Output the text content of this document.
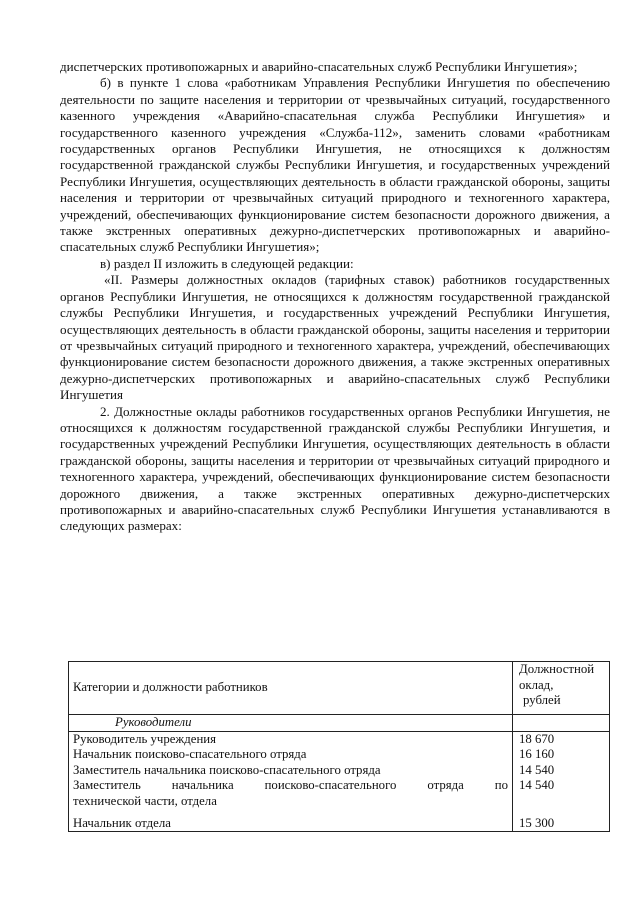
диспетчерских противопожарных и аварийно-спасательных служб Республики Ингушетия»;

б) в пункте 1 слова «работникам Управления Республики Ингушетия по обеспечению деятельности по защите населения и территории от чрезвычайных ситуаций, государственного казенного учреждения «Аварийно-спасательная служба Республики Ингушетия» и государственного казенного учреждения «Служба-112», заменить словами «работникам государственных органов Республики Ингушетия, не относящихся к должностям государственной гражданской службы Республики Ингушетия, и государственных учреждений Республики Ингушетия, осуществляющих деятельность в области гражданской обороны, защиты населения и территории от чрезвычайных ситуаций природного и техногенного характера, учреждений, обеспечивающих функционирование систем безопасности дорожного движения, а также экстренных оперативных дежурно-диспетчерских противопожарных и аварийно-спасательных служб Республики Ингушетия»;

в) раздел II изложить в следующей редакции:

«II. Размеры должностных окладов (тарифных ставок) работников государственных органов Республики Ингушетия, не относящихся к должностям государственной гражданской службы Республики Ингушетия, и государственных учреждений Республики Ингушетия, осуществляющих деятельность в области гражданской обороны, защиты населения и территории от чрезвычайных ситуаций природного и техногенного характера, учреждений, обеспечивающих функционирование систем безопасности дорожного движения, а также экстренных оперативных дежурно-диспетчерских противопожарных и аварийно-спасательных служб Республики Ингушетия

2. Должностные оклады работников государственных органов Республики Ингушетия, не относящихся к должностям государственной гражданской службы Республики Ингушетия, и государственных учреждений Республики Ингушетия, осуществляющих деятельность в области гражданской обороны, защиты населения и территории от чрезвычайных ситуаций природного и техногенного характера, учреждений, обеспечивающих функционирование систем безопасности дорожного движения, а также экстренных оперативных дежурно-диспетчерских противопожарных и аварийно-спасательных служб Республики Ингушетия устанавливаются в следующих размерах:

Категории и должности работников	Должностной
оклад,
рублей

Руководители	
Руководитель учреждения	18 670
Начальник поисково-спасательного отряда	16 160
Заместитель начальника поисково-спасательного отряда	14 540

Заместитель начальника поисково-спасательного отряда по
технической части, отдела	14 540
Начальник отдела	15 300
